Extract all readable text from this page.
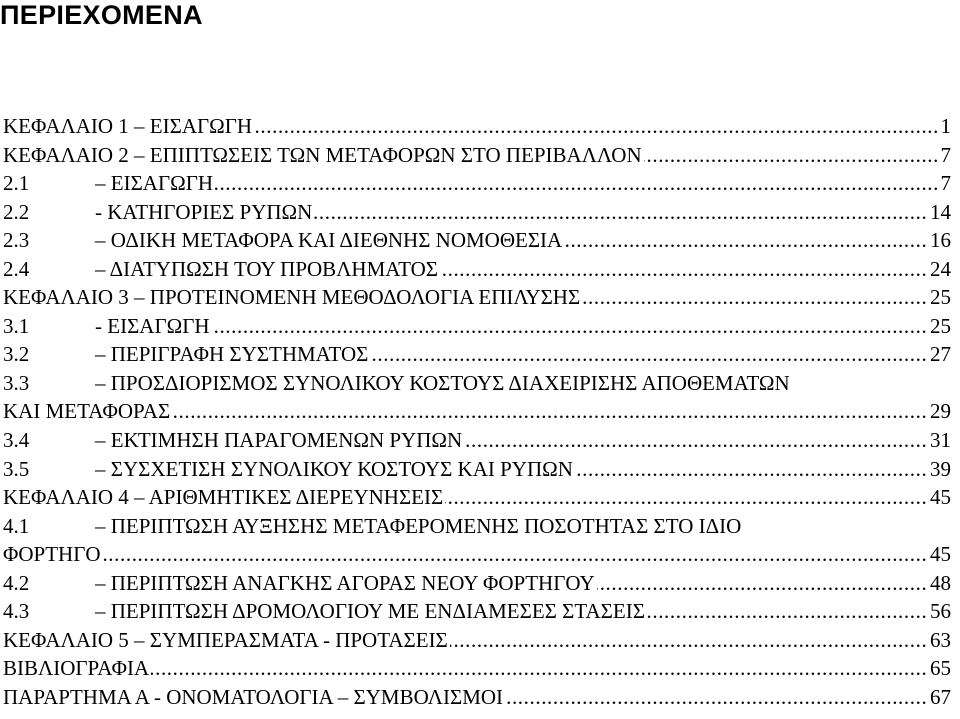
ΠΕΡΙΕΧΟΜΕΝΑ
ΚΕΦΑΛΑΙΟ 1 – ΕΙΣΑΓΩΓΗ	1
.....
ΚΕΦΑΛΑΙΟ 2 – ΕΠΙΠΤΩΣΕΙΣ ΤΩΝ ΜΕΤΑΦΟΡΩΝ ΣΤΟ ΠΕΡΙΒΑΛΛΟΝ	7
.....
2.1	– ΕΙΣΑΓΩΓΗ	7
.....
2.2	- ΚΑΤΗΓΟΡΙΕΣ ΡΥΠΩΝ	14
.....
2.3	– ΟΔΙΚΗ ΜΕΤΑΦΟΡΑ ΚΑΙ ΔΙΕΘΝΗΣ ΝΟΜΟΘΕΣΙΑ	16
.....
2.4	– ΔΙΑΤΥΠΩΣΗ ΤΟΥ ΠΡΟΒΛΗΜΑΤΟΣ	24
.....
ΚΕΦΑΛΑΙΟ 3 – ΠΡΟΤΕΙΝΟΜΕΝΗ ΜΕΘΟΔΟΛΟΓΙΑ ΕΠΙΛΥΣΗΣ	25
.....
3.1	- ΕΙΣΑΓΩΓΗ	25
.....
3.2	– ΠΕΡΙΓΡΑΦΗ ΣΥΣΤΗΜΑΤΟΣ	27
.....
3.3	– ΠΡΟΣΔΙΟΡΙΣΜΟΣ ΣΥΝΟΛΙΚΟΥ ΚΟΣΤΟΥΣ ΔΙΑΧΕΙΡΙΣΗΣ ΑΠΟΘΕΜΑΤΩΝ
ΚΑΙ ΜΕΤΑΦΟΡΑΣ	29
.....
3.4	– ΕΚΤΙΜΗΣΗ ΠΑΡΑΓΟΜΕΝΩΝ ΡΥΠΩΝ	31
.....
3.5	– ΣΥΣΧΕΤΙΣΗ ΣΥΝΟΛΙΚΟΥ ΚΟΣΤΟΥΣ ΚΑΙ ΡΥΠΩΝ	39
.....
ΚΕΦΑΛΑΙΟ 4 – ΑΡΙΘΜΗΤΙΚΕΣ ΔΙΕΡΕΥΝΗΣΕΙΣ	45
.....
4.1	– ΠΕΡΙΠΤΩΣΗ ΑΥΞΗΣΗΣ ΜΕΤΑΦΕΡΟΜΕΝΗΣ ΠΟΣΟΤΗΤΑΣ ΣΤΟ ΙΔΙΟ
ΦΟΡΤΗΓΟ	45
.....
4.2	– ΠΕΡΙΠΤΩΣΗ ΑΝΑΓΚΗΣ ΑΓΟΡΑΣ ΝΕΟΥ ΦΟΡΤΗΓΟΥ	48
.....
4.3	– ΠΕΡΙΠΤΩΣΗ ΔΡΟΜΟΛΟΓΙΟΥ ΜΕ ΕΝΔΙΑΜΕΣΕΣ ΣΤΑΣΕΙΣ	56
.....
ΚΕΦΑΛΑΙΟ 5 – ΣΥΜΠΕΡΑΣΜΑΤΑ - ΠΡΟΤΑΣΕΙΣ	63
.....
ΒΙΒΛΙΟΓΡΑΦΙΑ	65
.....
ΠΑΡΑΡΤΗΜΑ Α - ΟΝΟΜΑΤΟΛΟΓΙΑ – ΣΥΜΒΟΛΙΣΜΟΙ	67
.....
